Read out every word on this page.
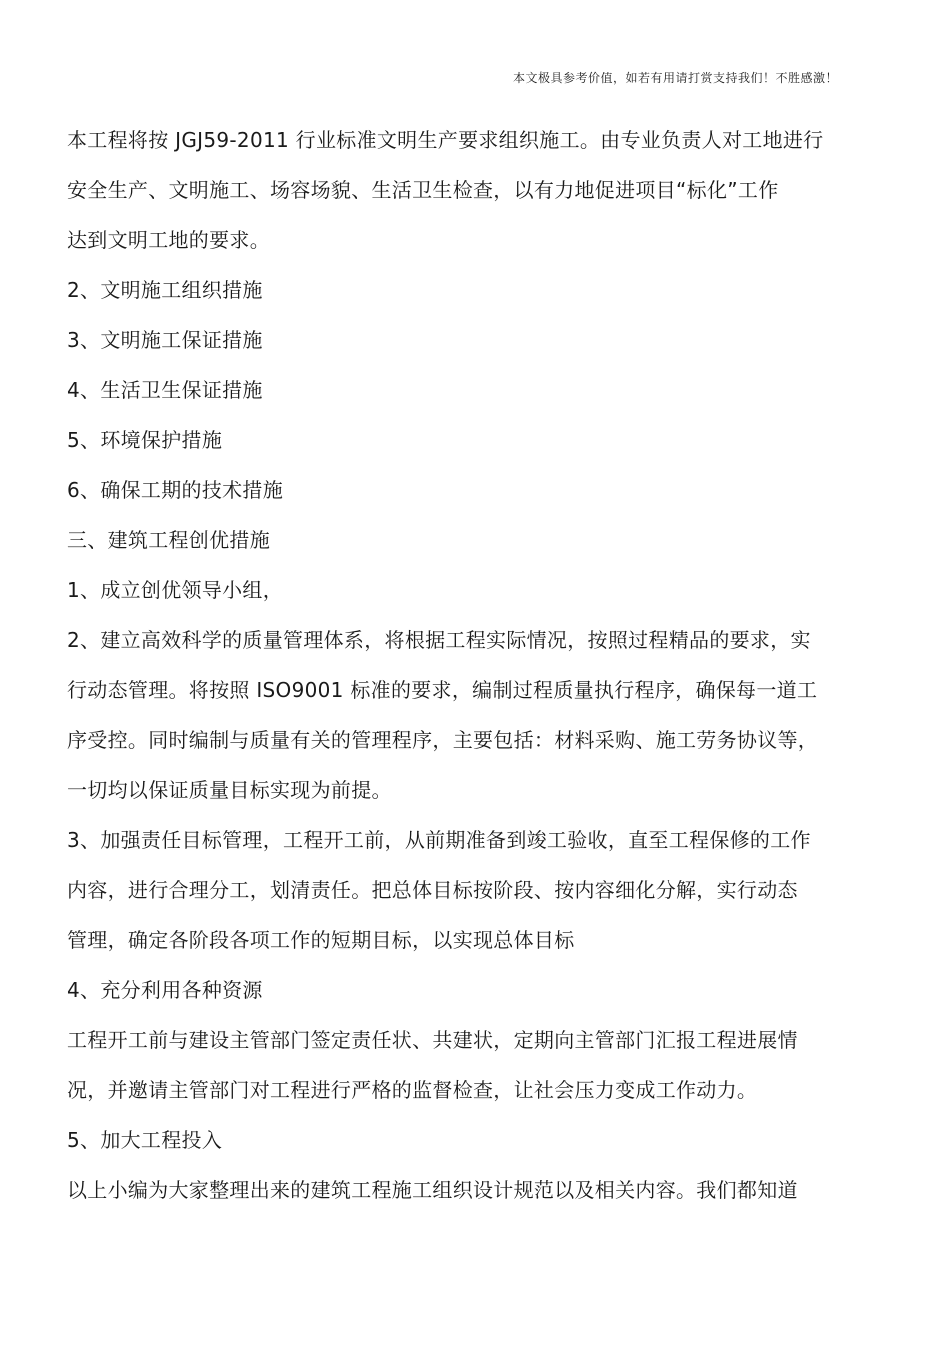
本文极具参考价值，如若有用请打赏支持我们！不胜感激！
本工程将按 JGJ59-2011 行业标准文明生产要求组织施工。由专业负责人对工地进行
安全生产、文明施工、场容场貌、生活卫生检查，以有力地促进项目“标化”工作
达到文明工地的要求。
2、文明施工组织措施
3、文明施工保证措施
4、生活卫生保证措施
5、环境保护措施
6、确保工期的技术措施
三、建筑工程创优措施
1、成立创优领导小组，
2、建立高效科学的质量管理体系，将根据工程实际情况，按照过程精品的要求，实
行动态管理。将按照 ISO9001 标准的要求，编制过程质量执行程序，确保每一道工
序受控。同时编制与质量有关的管理程序，主要包括：材料采购、施工劳务协议等，
一切均以保证质量目标实现为前提。
3、加强责任目标管理，工程开工前，从前期准备到竣工验收，直至工程保修的工作
内容，进行合理分工，划清责任。把总体目标按阶段、按内容细化分解，实行动态
管理，确定各阶段各项工作的短期目标，以实现总体目标
4、充分利用各种资源
工程开工前与建设主管部门签定责任状、共建状，定期向主管部门汇报工程进展情
况，并邀请主管部门对工程进行严格的监督检查，让社会压力变成工作动力。
5、加大工程投入
以上小编为大家整理出来的建筑工程施工组织设计规范以及相关内容。我们都知道
